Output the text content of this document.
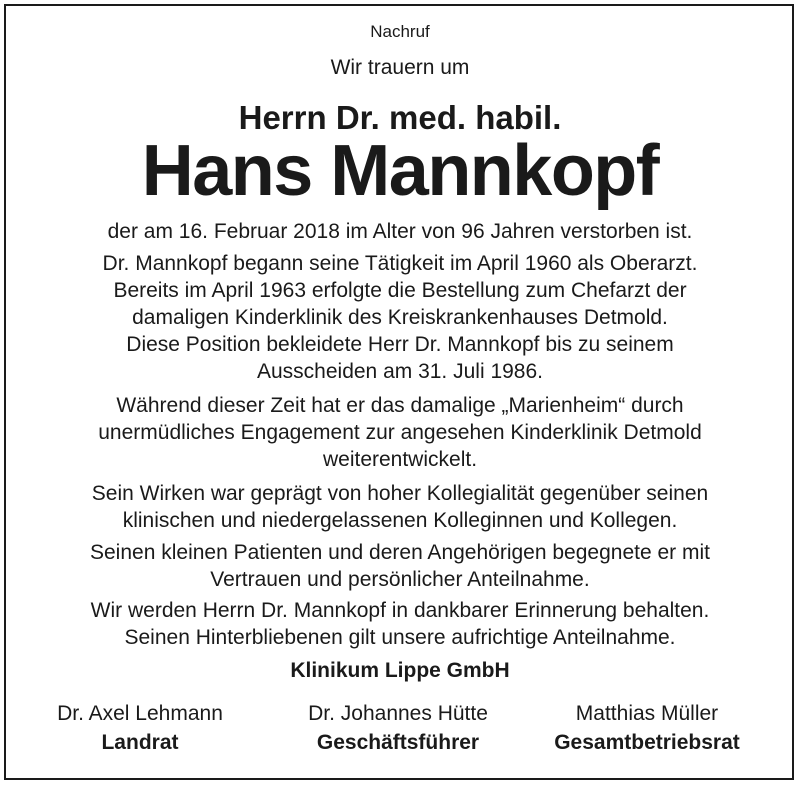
Nachruf
Wir trauern um
Herrn Dr. med. habil.
Hans Mannkopf
der am 16. Februar 2018 im Alter von 96 Jahren verstorben ist.
Dr. Mannkopf begann seine Tätigkeit im April 1960 als Oberarzt.
Bereits im April 1963 erfolgte die Bestellung zum Chefarzt der
damaligen Kinderklinik des Kreiskrankenhauses Detmold.
Diese Position bekleidete Herr Dr. Mannkopf bis zu seinem
Ausscheiden am 31. Juli 1986.
Während dieser Zeit hat er das damalige „Marienheim“ durch
unermüdliches Engagement zur angesehen Kinderklinik Detmold
weiterentwickelt.
Sein Wirken war geprägt von hoher Kollegialität gegenüber seinen
klinischen und niedergelassenen Kolleginnen und Kollegen.
Seinen kleinen Patienten und deren Angehörigen begegnete er mit
Vertrauen und persönlicher Anteilnahme.
Wir werden Herrn Dr. Mannkopf in dankbarer Erinnerung behalten.
Seinen Hinterbliebenen gilt unsere aufrichtige Anteilnahme.
Klinikum Lippe GmbH
Dr. Axel Lehmann
Landrat
Dr. Johannes Hütte
Geschäftsführer
Matthias Müller
Gesamtbetriebsrat
